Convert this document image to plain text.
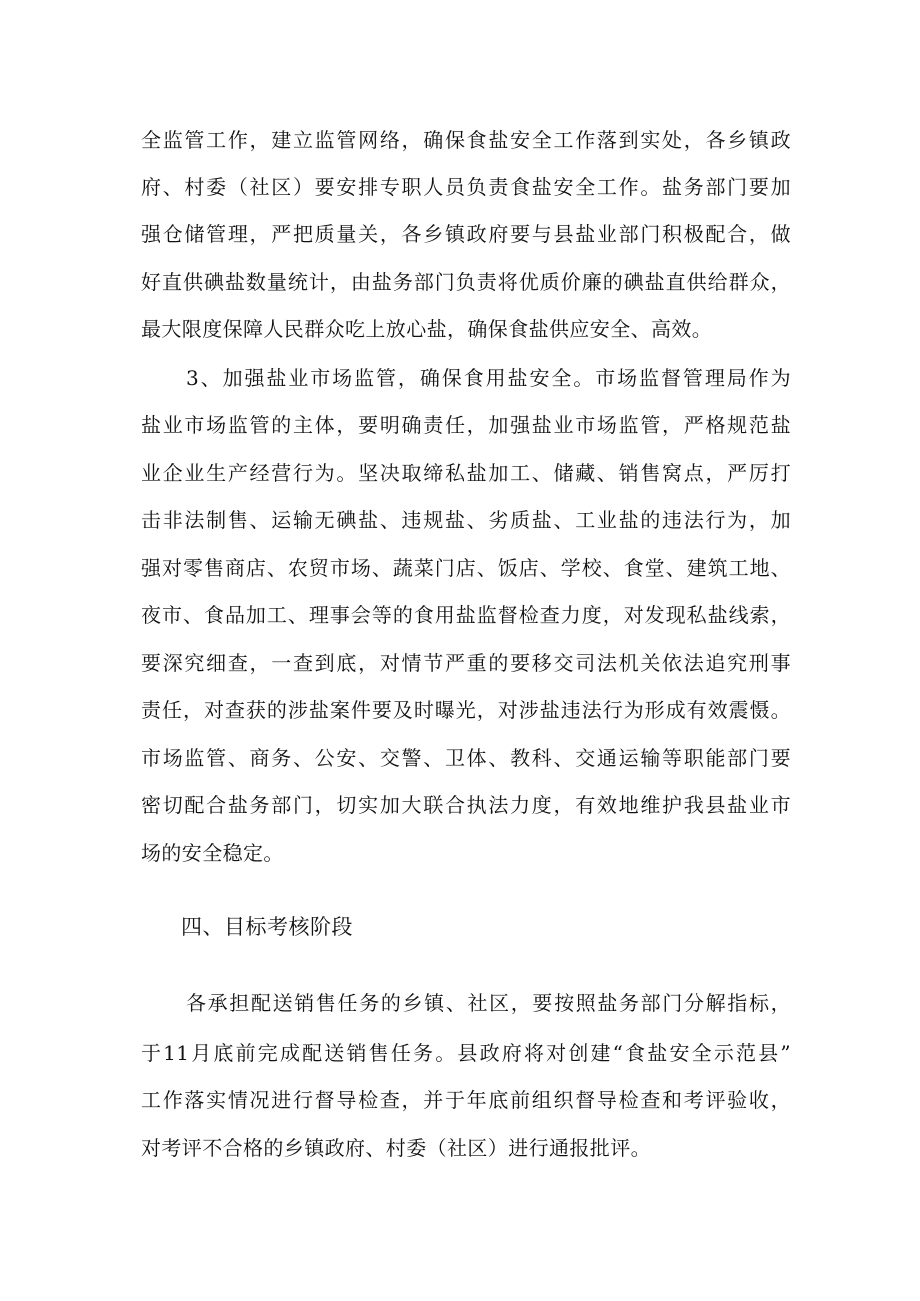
全监管工作，建立监管网络，确保食盐安全工作落到实处，各乡镇政
府、村委（社区）要安排专职人员负责食盐安全工作。盐务部门要加
强仓储管理，严把质量关，各乡镇政府要与县盐业部门积极配合，做
好直供碘盐数量统计，由盐务部门负责将优质价廉的碘盐直供给群众，
最大限度保障人民群众吃上放心盐，确保食盐供应安全、高效。
3、加强盐业市场监管，确保食用盐安全。市场监督管理局作为
盐业市场监管的主体，要明确责任，加强盐业市场监管，严格规范盐
业企业生产经营行为。坚决取缔私盐加工、储藏、销售窝点，严厉打
击非法制售、运输无碘盐、违规盐、劣质盐、工业盐的违法行为，加
强对零售商店、农贸市场、蔬菜门店、饭店、学校、食堂、建筑工地、
夜市、食品加工、理事会等的食用盐监督检查力度，对发现私盐线索，
要深究细查，一查到底，对情节严重的要移交司法机关依法追究刑事
责任，对查获的涉盐案件要及时曝光，对涉盐违法行为形成有效震慑。
市场监管、商务、公安、交警、卫体、教科、交通运输等职能部门要
密切配合盐务部门，切实加大联合执法力度，有效地维护我县盐业市
场的安全稳定。
四、目标考核阶段
各承担配送销售任务的乡镇、社区，要按照盐务部门分解指标，
于11月底前完成配送销售任务。县政府将对创建“食盐安全示范县”
工作落实情况进行督导检查，并于年底前组织督导检查和考评验收，
对考评不合格的乡镇政府、村委（社区）进行通报批评。
